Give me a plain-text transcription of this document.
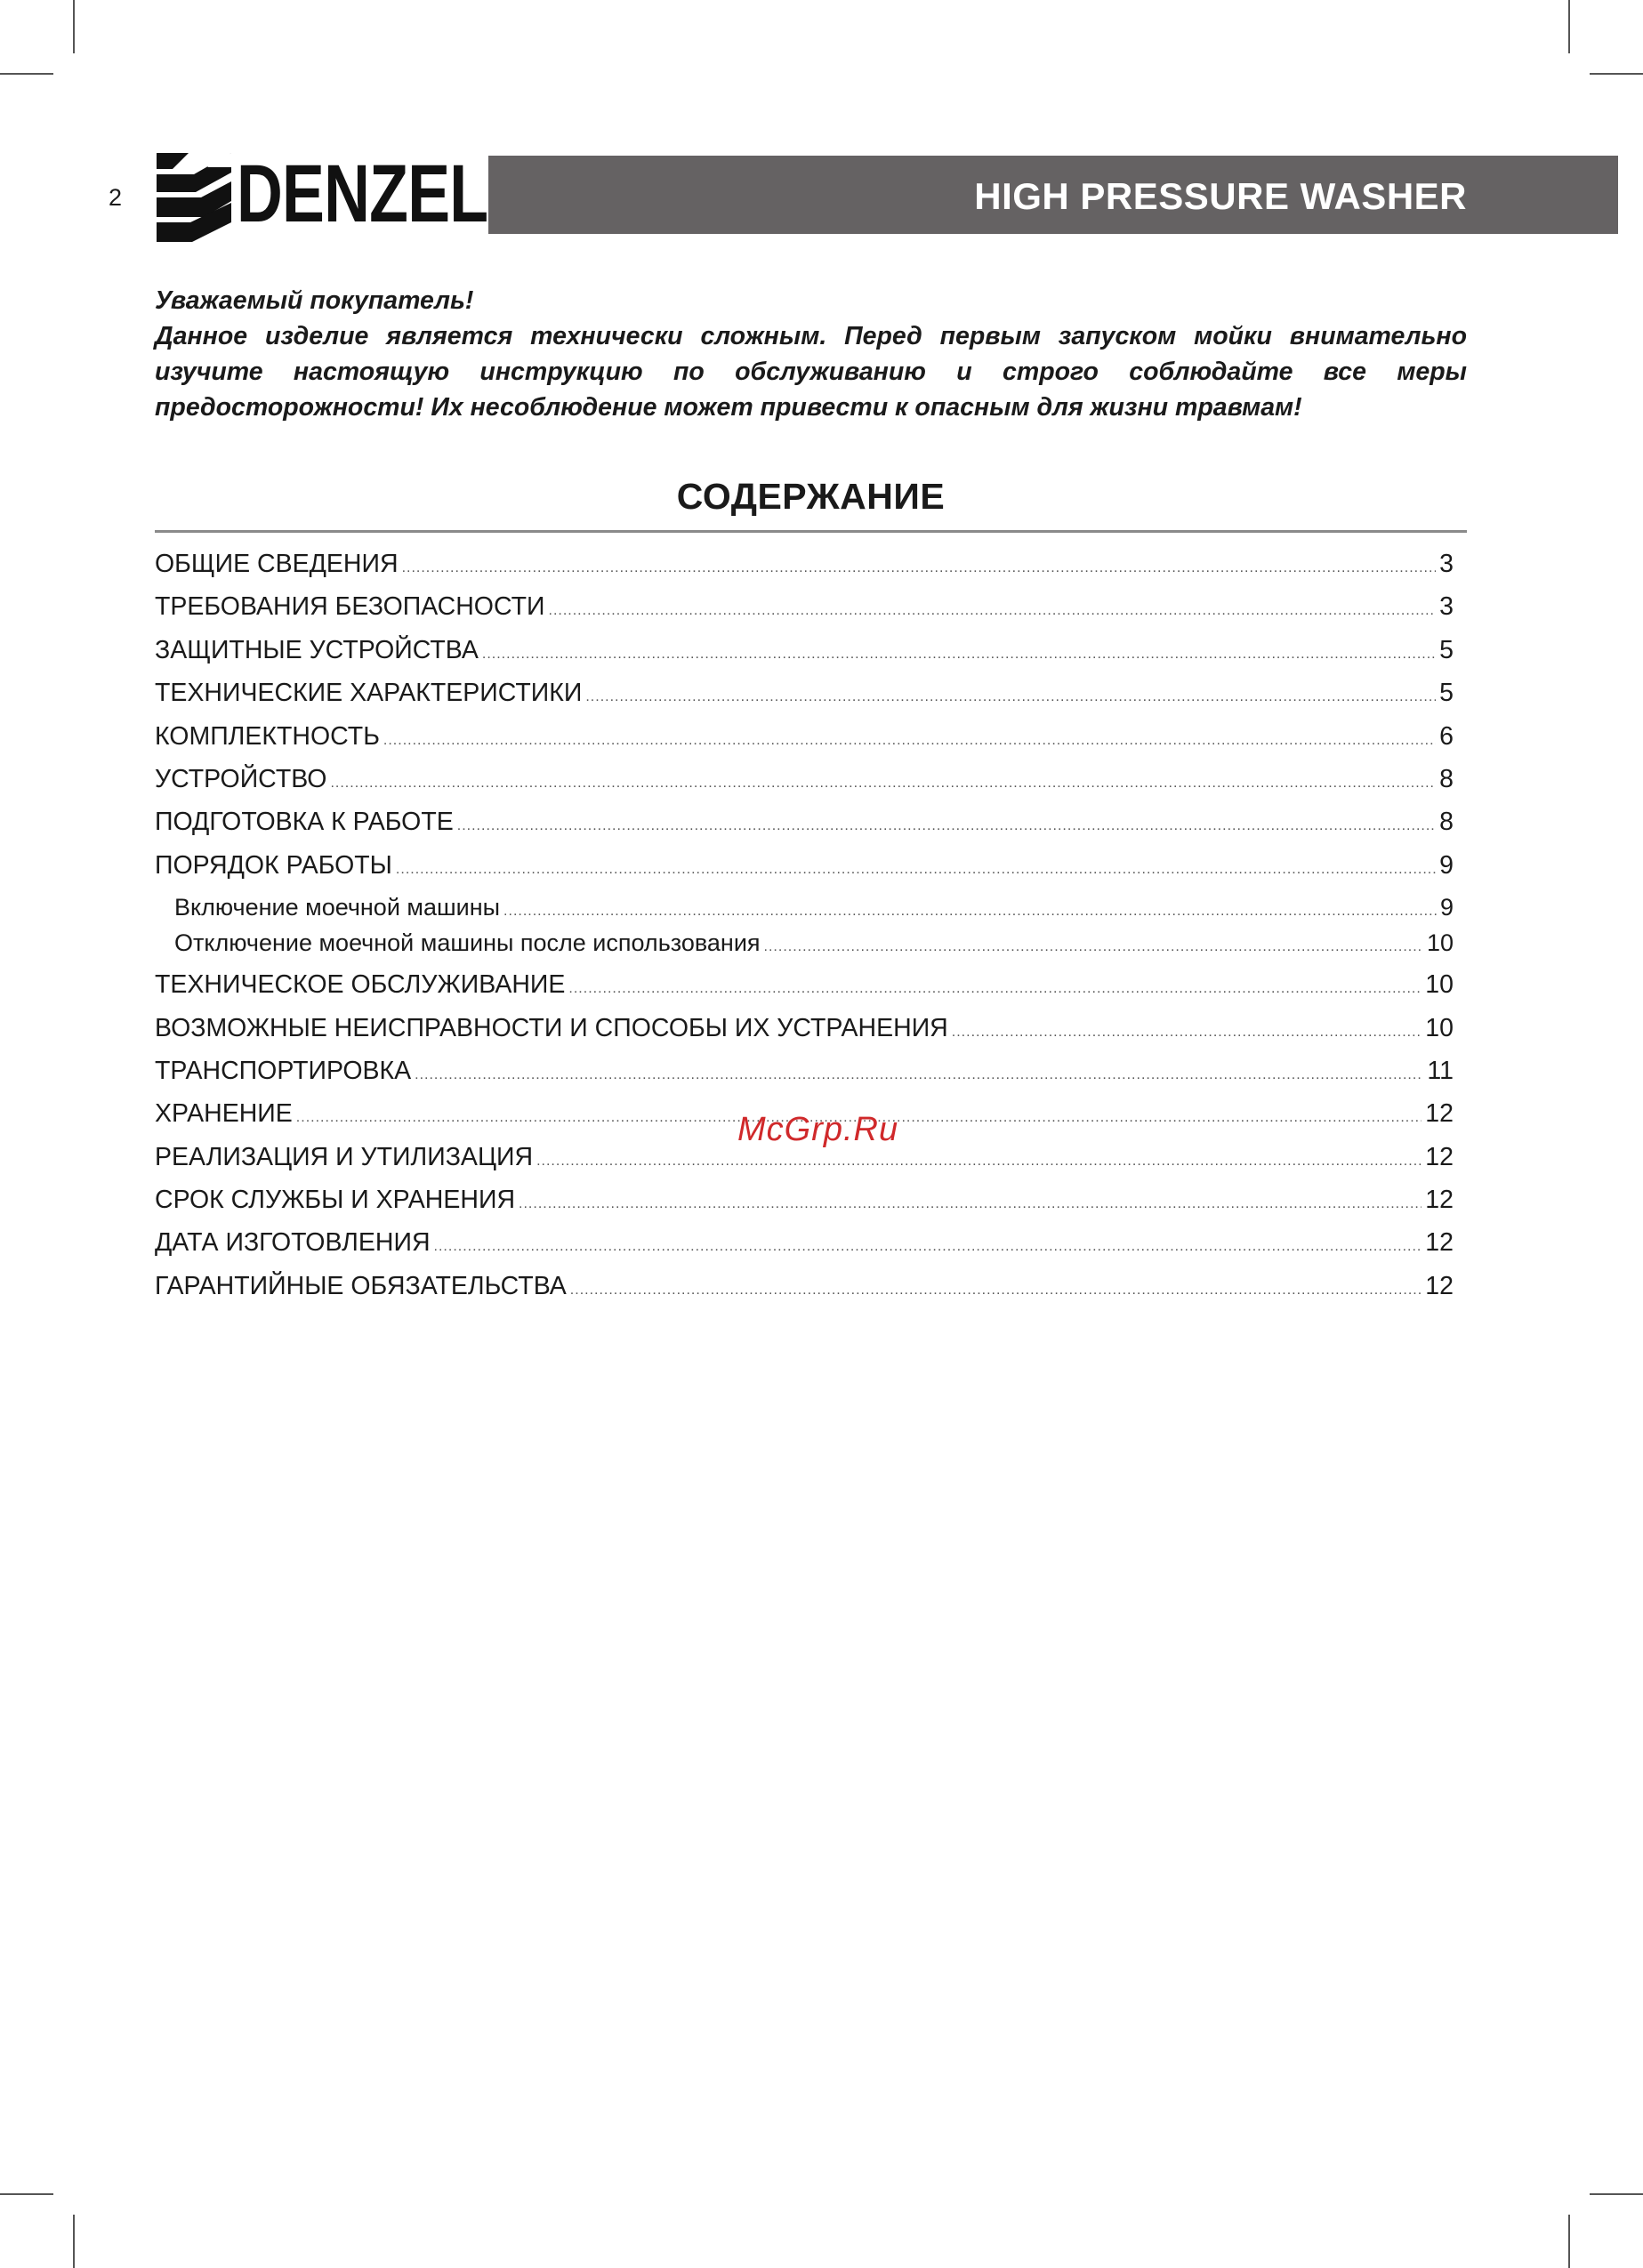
2 DENZEL	HIGH PRESSURE WASHER

Уважаемый покупатель!

Данное изделие является технически сложным. Перед первым запуском мойки внимательно изучите настоящую инструкцию по обслуживанию и строго соблюдайте все меры предосторожности! Их несоблюдение может привести к опасным для жизни травмам!

СОДЕРЖАНИЕ
ОБЩИЕ СВЕДЕНИЯ .....	3
ТРЕБОВАНИЯ БЕЗОПАСНОСТИ .....	3
ЗАЩИТНЫЕ УСТРОЙСТВА .....	5
ТЕХНИЧЕСКИЕ ХАРАКТЕРИСТИКИ .....	5
КОМПЛЕКТНОСТЬ .....	6
УСТРОЙСТВО .....	8
ПОДГОТОВКА К РАБОТЕ .....	8
ПОРЯДОК РАБОТЫ .....	9
Включение моечной машины .....	9
Отключение моечной машины после использования .....	10
ТЕХНИЧЕСКОЕ ОБСЛУЖИВАНИЕ .....	10
ВОЗМОЖНЫЕ НЕИСПРАВНОСТИ И СПОСОБЫ ИХ УСТРАНЕНИЯ .....	10
ТРАНСПОРТИРОВКА .....	11
ХРАНЕНИЕ .....	12
РЕАЛИЗАЦИЯ И УТИЛИЗАЦИЯ .....	12
СРОК СЛУЖБЫ И ХРАНЕНИЯ .....	12
ДАТА ИЗГОТОВЛЕНИЯ .....	12
ГАРАНТИЙНЫЕ ОБЯЗАТЕЛЬСТВА .....	12
McGrp.Ru
